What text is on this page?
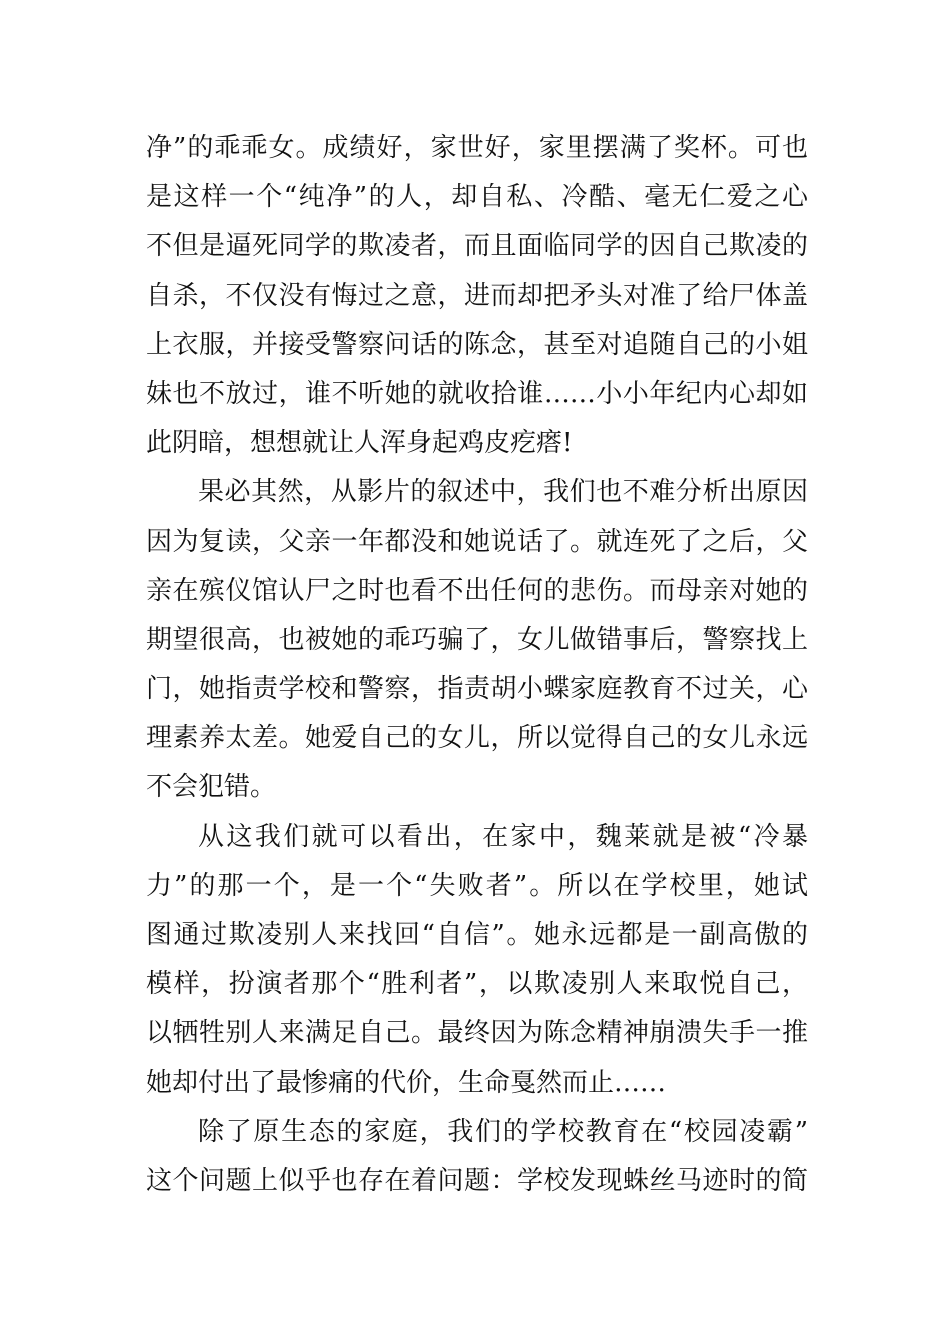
净”的乖乖女。成绩好，家世好，家里摆满了奖杯。可也
是这样一个“纯净”的人，却自私、冷酷、毫无仁爱之心
不但是逼死同学的欺凌者，而且面临同学的因自己欺凌的
自杀，不仅没有悔过之意，进而却把矛头对准了给尸体盖
上衣服，并接受警察问话的陈念，甚至对追随自己的小姐
妹也不放过，谁不听她的就收拾谁……小小年纪内心却如
此阴暗，想想就让人浑身起鸡皮疙瘩!
果必其然，从影片的叙述中，我们也不难分析出原因
因为复读，父亲一年都没和她说话了。就连死了之后，父
亲在殡仪馆认尸之时也看不出任何的悲伤。而母亲对她的
期望很高，也被她的乖巧骗了，女儿做错事后，警察找上
门，她指责学校和警察，指责胡小蝶家庭教育不过关，心
理素养太差。她爱自己的女儿，所以觉得自己的女儿永远
不会犯错。
从这我们就可以看出，在家中，魏莱就是被“冷暴
力”的那一个，是一个“失败者”。所以在学校里，她试
图通过欺凌别人来找回“自信”。她永远都是一副高傲的
模样，扮演者那个“胜利者”，以欺凌别人来取悦自己，
以牺牲别人来满足自己。最终因为陈念精神崩溃失手一推
她却付出了最惨痛的代价，生命戛然而止……
除了原生态的家庭，我们的学校教育在“校园凌霸”
这个问题上似乎也存在着问题：学校发现蛛丝马迹时的简
